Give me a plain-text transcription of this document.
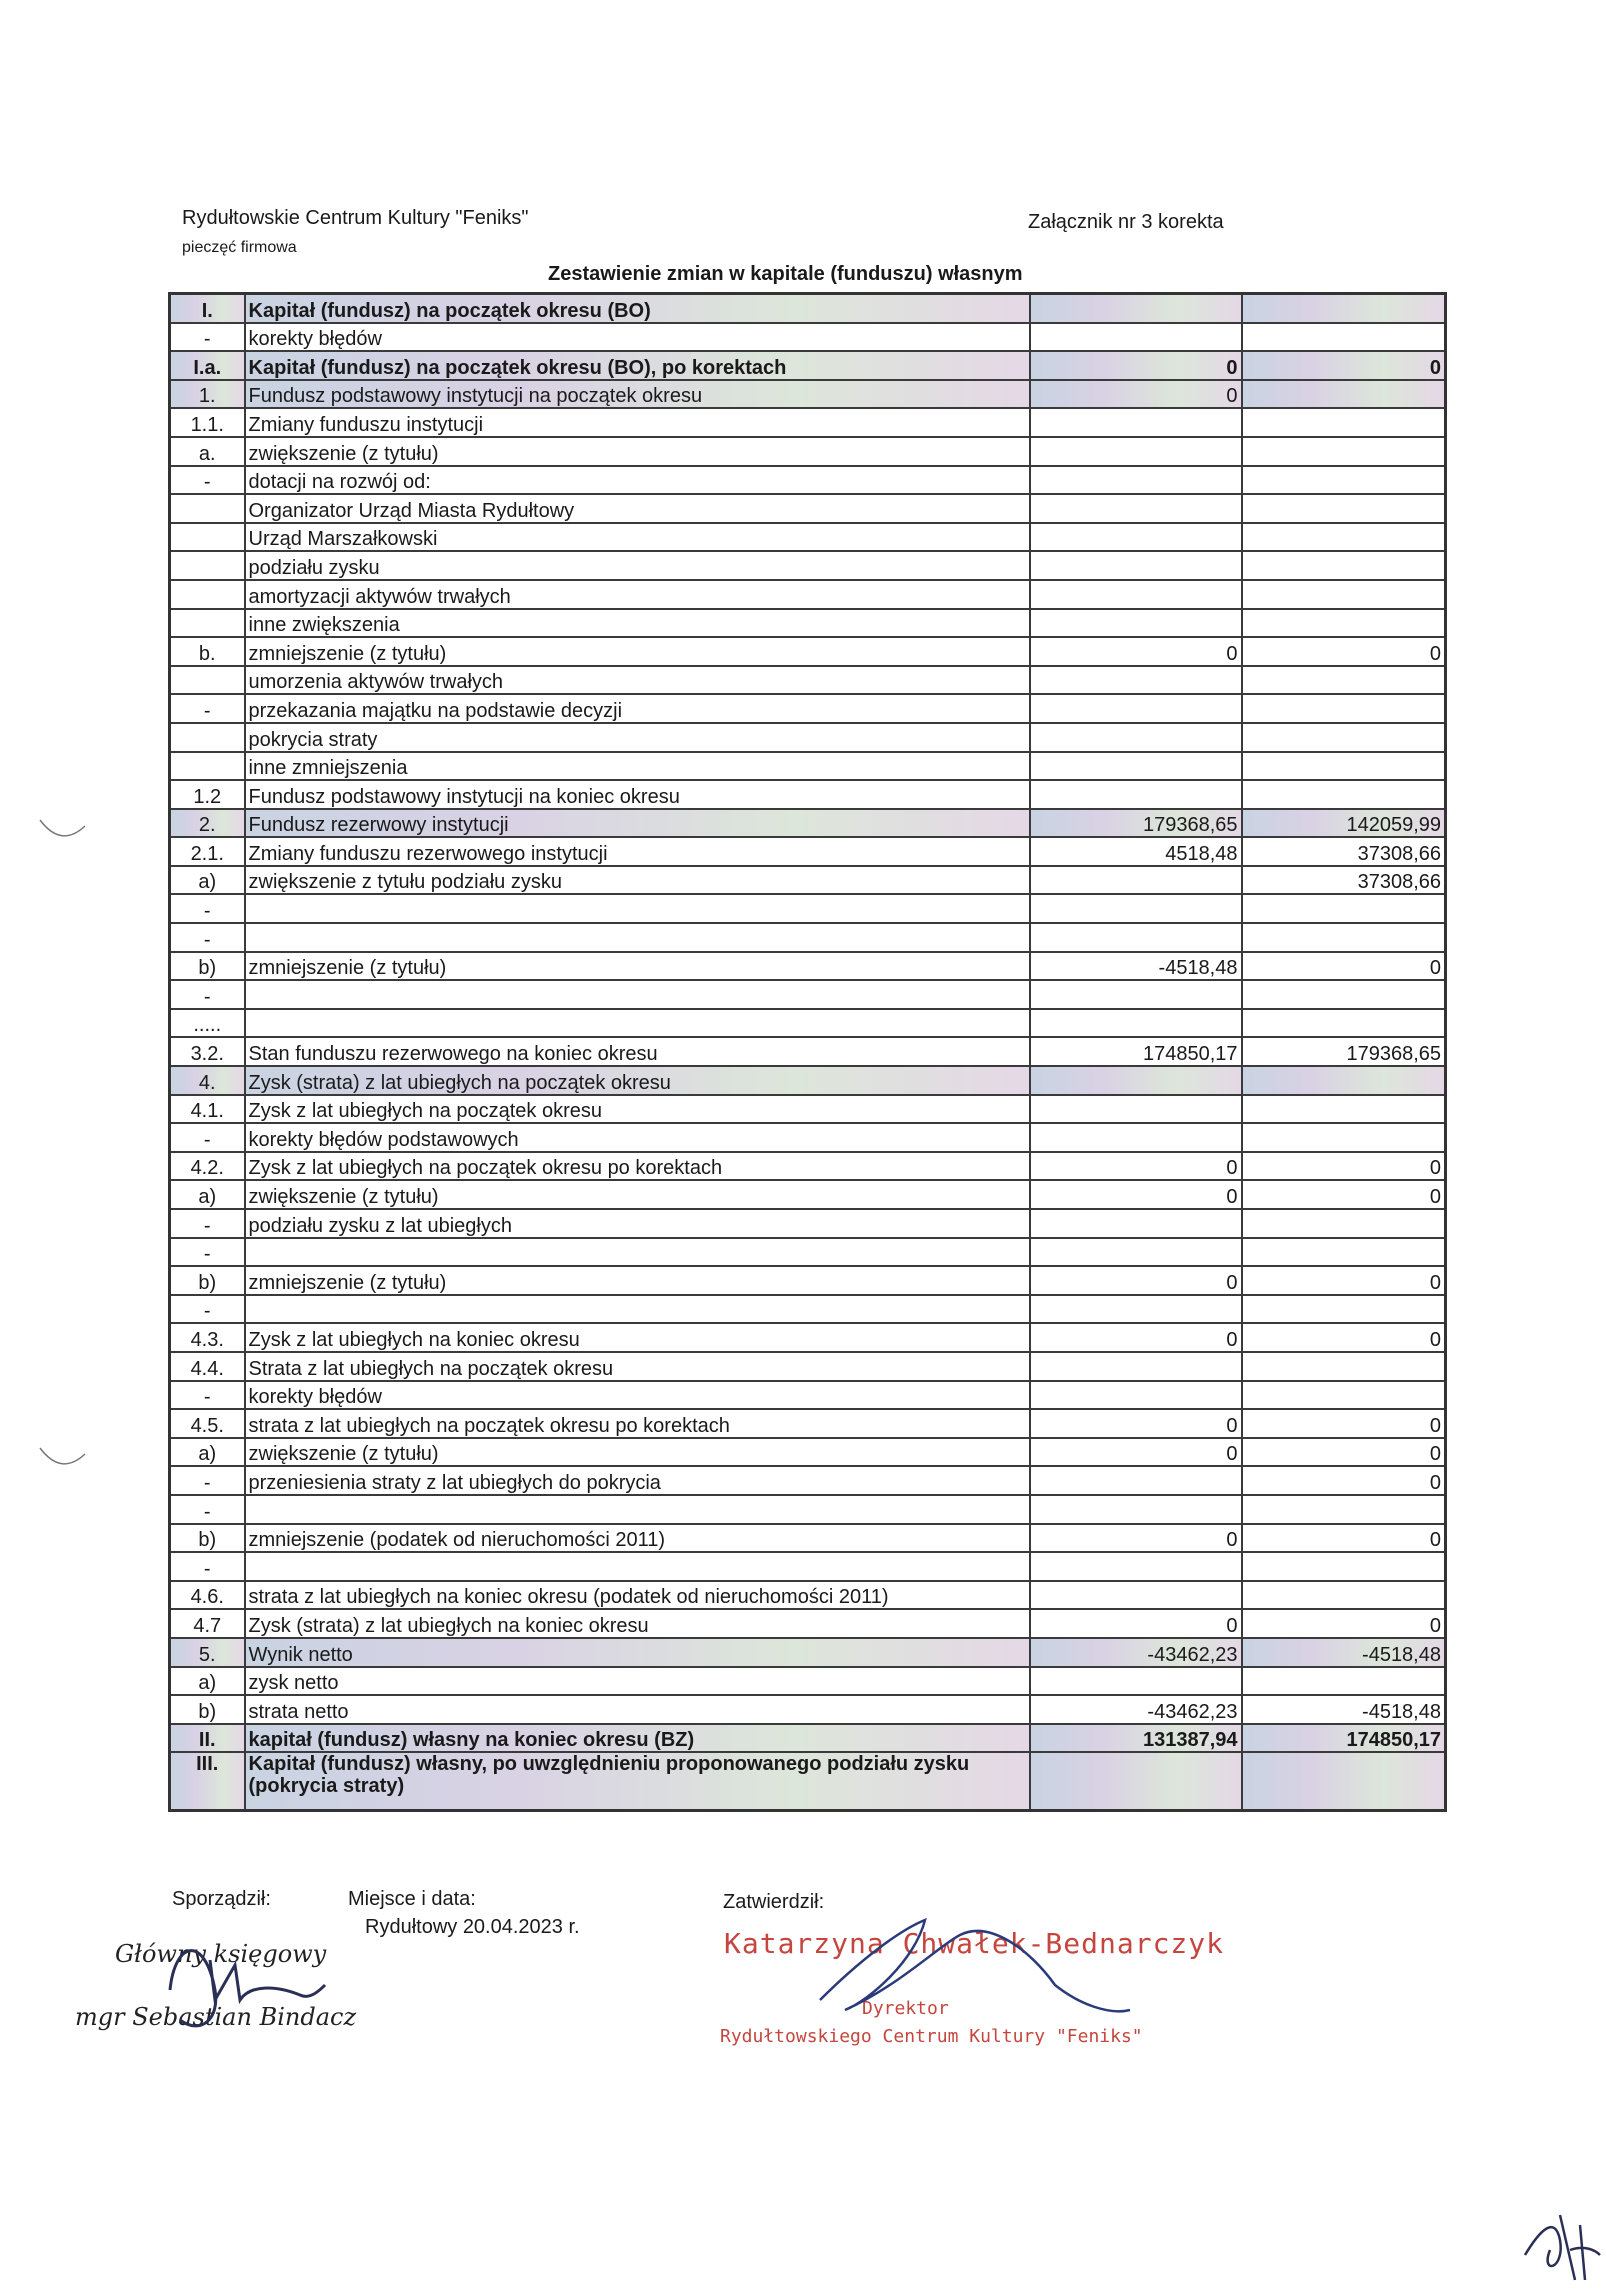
Rydułtowskie Centrum Kultury "Feniks"
pieczęć firmowa
Załącznik nr 3 korekta
Zestawienie zmian w kapitale (funduszu) własnym
I.	Kapitał (fundusz) na początek okresu (BO)		
-	korekty błędów		
I.a.	Kapitał (fundusz) na początek okresu (BO), po korektach	0	0
1.	Fundusz podstawowy instytucji na początek okresu	0	
1.1.	Zmiany funduszu instytucji		
a.	zwiększenie (z tytułu)		
-	dotacji na rozwój od:		
	Organizator Urząd Miasta Rydułtowy		
	Urząd Marszałkowski		
	podziału zysku		
	amortyzacji aktywów trwałych		
	inne zwiększenia		
b.	zmniejszenie (z tytułu)	0	0
	umorzenia aktywów trwałych		
-	przekazania majątku na podstawie decyzji		
	pokrycia straty		
	inne zmniejszenia		
1.2	Fundusz podstawowy instytucji na koniec okresu		
2.	Fundusz rezerwowy instytucji	179368,65	142059,99
2.1.	Zmiany funduszu rezerwowego instytucji	4518,48	37308,66
a)	zwiększenie z tytułu podziału zysku		37308,66
-			
-			
b)	zmniejszenie (z tytułu)	-4518,48	0
-			
.....			
3.2.	Stan funduszu rezerwowego na koniec okresu	174850,17	179368,65
4.	Zysk (strata) z lat ubiegłych na początek okresu		
4.1.	Zysk z lat ubiegłych na początek okresu		
-	korekty błędów podstawowych		
4.2.	Zysk z lat ubiegłych na początek okresu po korektach	0	0
a)	zwiększenie (z tytułu)	0	0
-	podziału zysku z lat ubiegłych		
-			
b)	zmniejszenie (z tytułu)	0	0
-			
4.3.	Zysk z lat ubiegłych na koniec okresu	0	0
4.4.	Strata z lat ubiegłych na początek okresu		
-	korekty błędów		
4.5.	strata z lat ubiegłych na początek okresu po korektach	0	0
a)	zwiększenie (z tytułu)	0	0
-	przeniesienia straty z lat ubiegłych do pokrycia		0
-			
b)	zmniejszenie (podatek od nieruchomości 2011)	0	0
-			
4.6.	strata z lat ubiegłych na koniec okresu (podatek od nieruchomości 2011)		
4.7	Zysk (strata) z lat ubiegłych na koniec okresu	0	0
5.	Wynik netto	-43462,23	-4518,48
a)	zysk netto		
b)	strata netto	-43462,23	-4518,48
II.	kapitał (fundusz) własny na koniec okresu (BZ)	131387,94	174850,17
III.	Kapitał (fundusz) własny, po uwzględnieniu proponowanego podziału zysku (pokrycia straty)		
Sporządził:	Miejsce i data:
Rydułtowy 20.04.2023 r.
Zatwierdził:
Główny księgowy
mgr Sebastian Bindacz
Katarzyna Chwałek-Bednarczyk
Dyrektor
Rydułtowskiego Centrum Kultury "Feniks"
